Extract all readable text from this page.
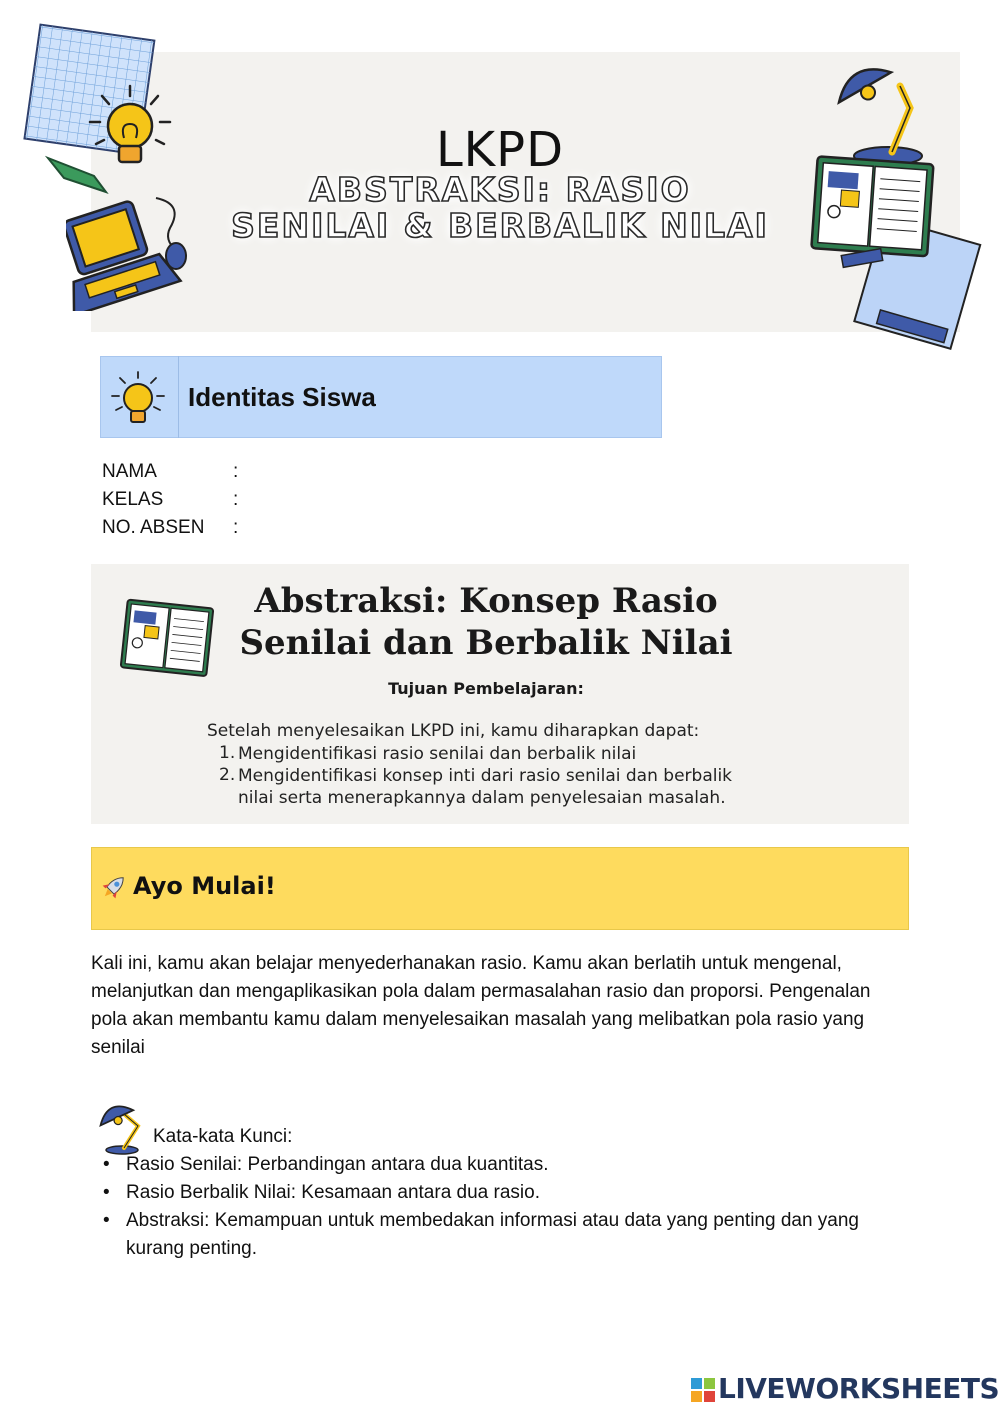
LKPD
ABSTRAKSI: RASIO
SENILAI & BERBALIK NILAI
Identitas Siswa
NAMA	:
KELAS	:
NO. ABSEN :
Abstraksi: Konsep Rasio
Senilai dan Berbalik Nilai
Tujuan Pembelajaran:
Setelah menyelesaikan LKPD ini, kamu diharapkan dapat:
1. Mengidentifikasi rasio senilai dan berbalik nilai
2. Mengidentifikasi konsep inti dari rasio senilai dan berbalik nilai serta menerapkannya dalam penyelesaian masalah.
Ayo Mulai!
Kali ini, kamu akan belajar menyederhanakan rasio. Kamu akan berlatih untuk mengenal, melanjutkan dan mengaplikasikan pola dalam permasalahan rasio dan proporsi. Pengenalan pola akan membantu kamu dalam menyelesaikan masalah yang melibatkan pola rasio yang senilai
Kata-kata Kunci:
• Rasio Senilai: Perbandingan antara dua kuantitas.
• Rasio Berbalik Nilai: Kesamaan antara dua rasio.
• Abstraksi: Kemampuan untuk membedakan informasi atau data yang penting dan yang kurang penting.
LIVEWORKSHEETS
